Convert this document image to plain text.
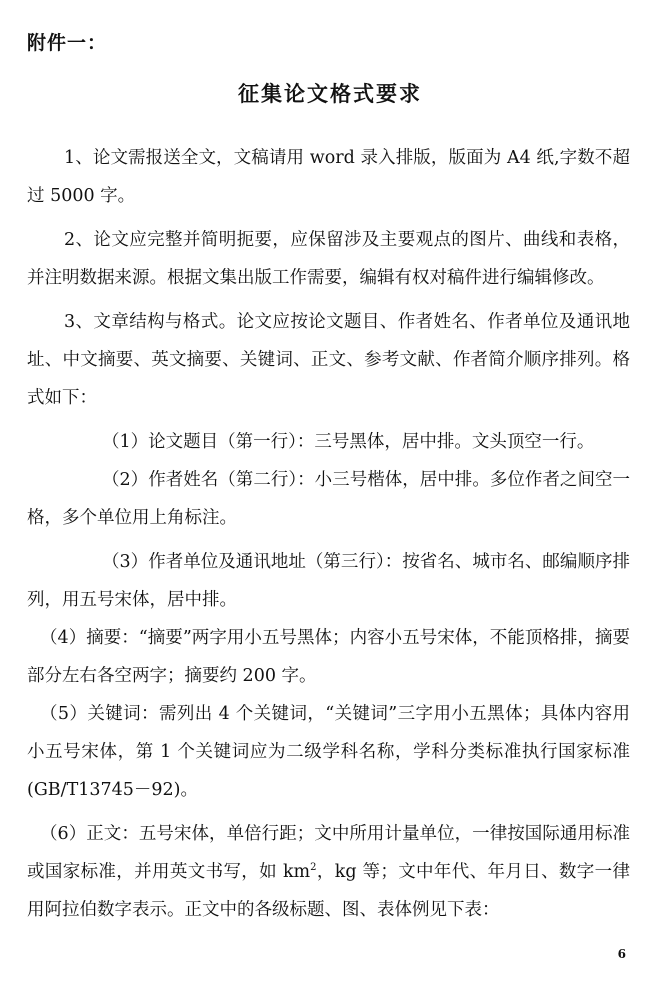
附件一：
征集论文格式要求

1、论文需报送全文，文稿请用 word 录入排版，版面为 A4 纸,字数不超过 5000 字。

2、论文应完整并简明扼要，应保留涉及主要观点的图片、曲线和表格，并注明数据来源。根据文集出版工作需要，编辑有权对稿件进行编辑修改。

3、文章结构与格式。论文应按论文题目、作者姓名、作者单位及通讯地址、中文摘要、英文摘要、关键词、正文、参考文献、作者简介顺序排列。格式如下：

（1）论文题目（第一行）：三号黑体，居中排。文头顶空一行。

（2）作者姓名（第二行）：小三号楷体，居中排。多位作者之间空一格，多个单位用上角标注。

（3）作者单位及通讯地址（第三行）：按省名、城市名、邮编顺序排列，用五号宋体，居中排。

（4）摘要：“摘要”两字用小五号黑体；内容小五号宋体，不能顶格排，摘要部分左右各空两字；摘要约 200 字。

（5）关键词：需列出 4 个关键词，“关键词”三字用小五黑体；具体内容用小五号宋体，第 1 个关键词应为二级学科名称，学科分类标准执行国家标准(GB/T13745－92)。

（6）正文：五号宋体，单倍行距；文中所用计量单位，一律按国际通用标准或国家标准，并用英文书写，如 $km^2$，kg 等；文中年代、年月日、数字一律用阿拉伯数字表示。正文中的各级标题、图、表体例见下表：

6
